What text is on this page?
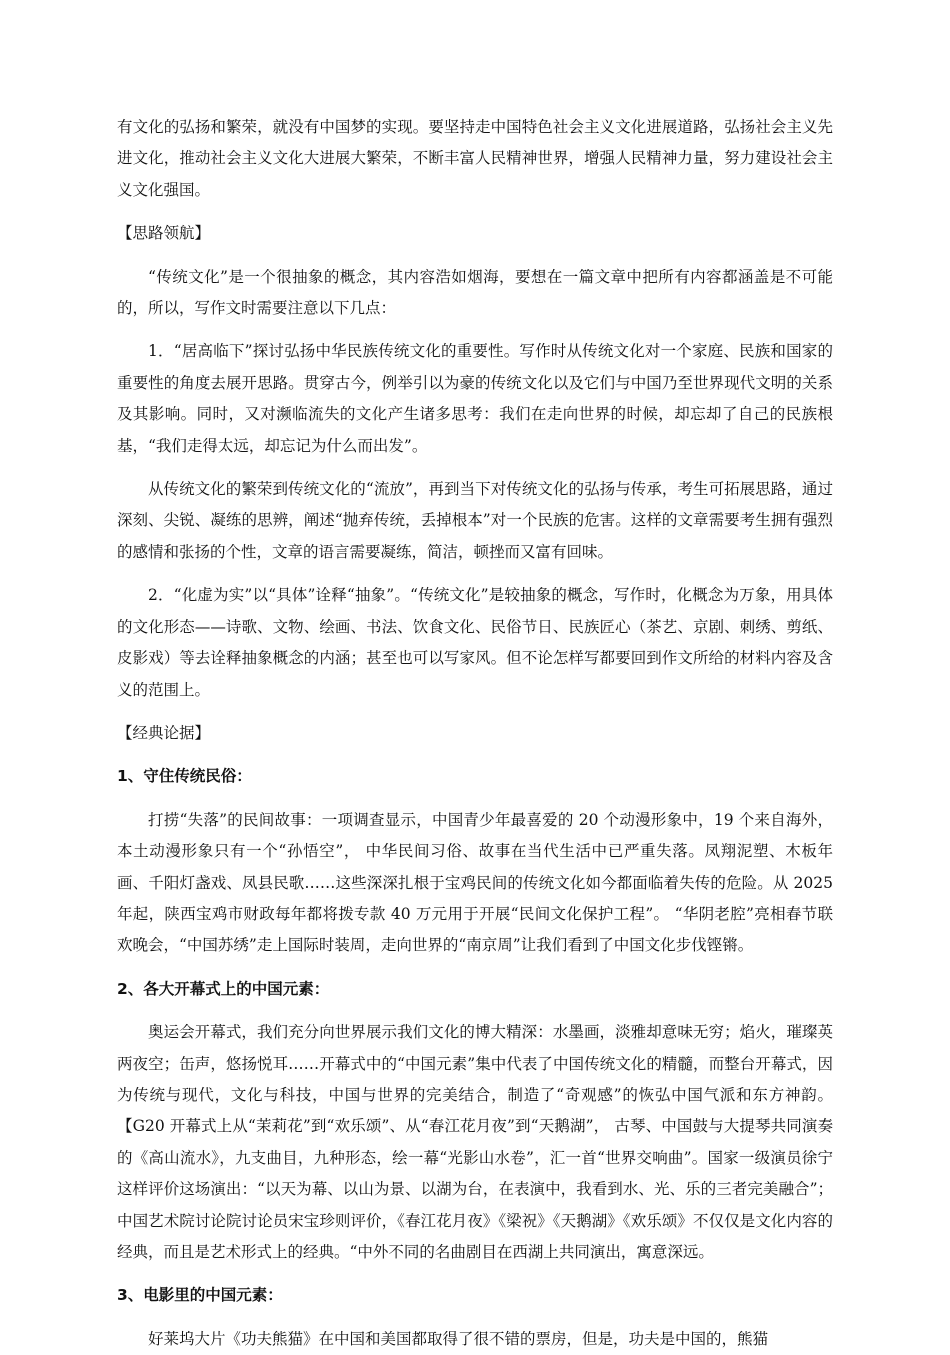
有文化的弘扬和繁荣，就没有中国梦的实现。要坚持走中国特色社会主义文化进展道路，弘扬社会主义先进文化，推动社会主义文化大进展大繁荣，不断丰富人民精神世界，增强人民精神力量，努力建设社会主义文化强国。

【思路领航】

“传统文化”是一个很抽象的概念，其内容浩如烟海，要想在一篇文章中把所有内容都涵盖是不可能的，所以，写作文时需要注意以下几点：

1．“居高临下”探讨弘扬中华民族传统文化的重要性。写作时从传统文化对一个家庭、民族和国家的重要性的角度去展开思路。贯穿古今，例举引以为豪的传统文化以及它们与中国乃至世界现代文明的关系及其影响。同时，又对濒临流失的文化产生诸多思考：我们在走向世界的时候，却忘却了自己的民族根基，“我们走得太远，却忘记为什么而出发”。

从传统文化的繁荣到传统文化的“流放”，再到当下对传统文化的弘扬与传承，考生可拓展思路，通过深刻、尖锐、凝练的思辨，阐述“抛弃传统，丢掉根本”对一个民族的危害。这样的文章需要考生拥有强烈的感情和张扬的个性，文章的语言需要凝练，简洁，顿挫而又富有回味。

2．“化虚为实”以“具体”诠释“抽象”。“传统文化”是较抽象的概念，写作时，化概念为万象，用具体的文化形态——诗歌、文物、绘画、书法、饮食文化、民俗节日、民族匠心（茶艺、京剧、刺绣、剪纸、皮影戏）等去诠释抽象概念的内涵；甚至也可以写家风。但不论怎样写都要回到作文所给的材料内容及含义的范围上。

【经典论据】

1、守住传统民俗：

打捞“失落”的民间故事：一项调查显示，中国青少年最喜爱的 20 个动漫形象中，19 个来自海外，本土动漫形象只有一个“孙悟空”， 中华民间习俗、故事在当代生活中已严重失落。凤翔泥塑、木板年画、千阳灯盏戏、凤县民歌……这些深深扎根于宝鸡民间的传统文化如今都面临着失传的危险。从 2025 年起，陕西宝鸡市财政每年都将拨专款 40 万元用于开展“民间文化保护工程”。 “华阴老腔”亮相春节联欢晚会，“中国苏绣”走上国际时装周，走向世界的“南京周”让我们看到了中国文化步伐铿锵。

2、各大开幕式上的中国元素：

奥运会开幕式，我们充分向世界展示我们文化的博大精深：水墨画，淡雅却意味无穷；焰火，璀璨英两夜空；缶声，悠扬悦耳……开幕式中的“中国元素”集中代表了中国传统文化的精髓，而整台开幕式，因为传统与现代，文化与科技，中国与世界的完美结合，制造了“奇观感”的恢弘中国气派和东方神韵。【G20 开幕式上从“茉莉花”到“欢乐颂”、从“春江花月夜”到“天鹅湖”， 古琴、中国鼓与大提琴共同演奏的《高山流水》，九支曲目，九种形态，绘一幕“光影山水卷”，汇一首“世界交响曲”。国家一级演员徐宁这样评价这场演出：“以天为幕、以山为景、以湖为台，在表演中，我看到水、光、乐的三者完美融合”；中国艺术院讨论院讨论员宋宝珍则评价，《春江花月夜》《梁祝》《天鹅湖》《欢乐颂》不仅仅是文化内容的经典，而且是艺术形式上的经典。“中外不同的名曲剧目在西湖上共同演出，寓意深远。

3、电影里的中国元素：

好莱坞大片《功夫熊猫》在中国和美国都取得了很不错的票房，但是，功夫是中国的，熊猫
